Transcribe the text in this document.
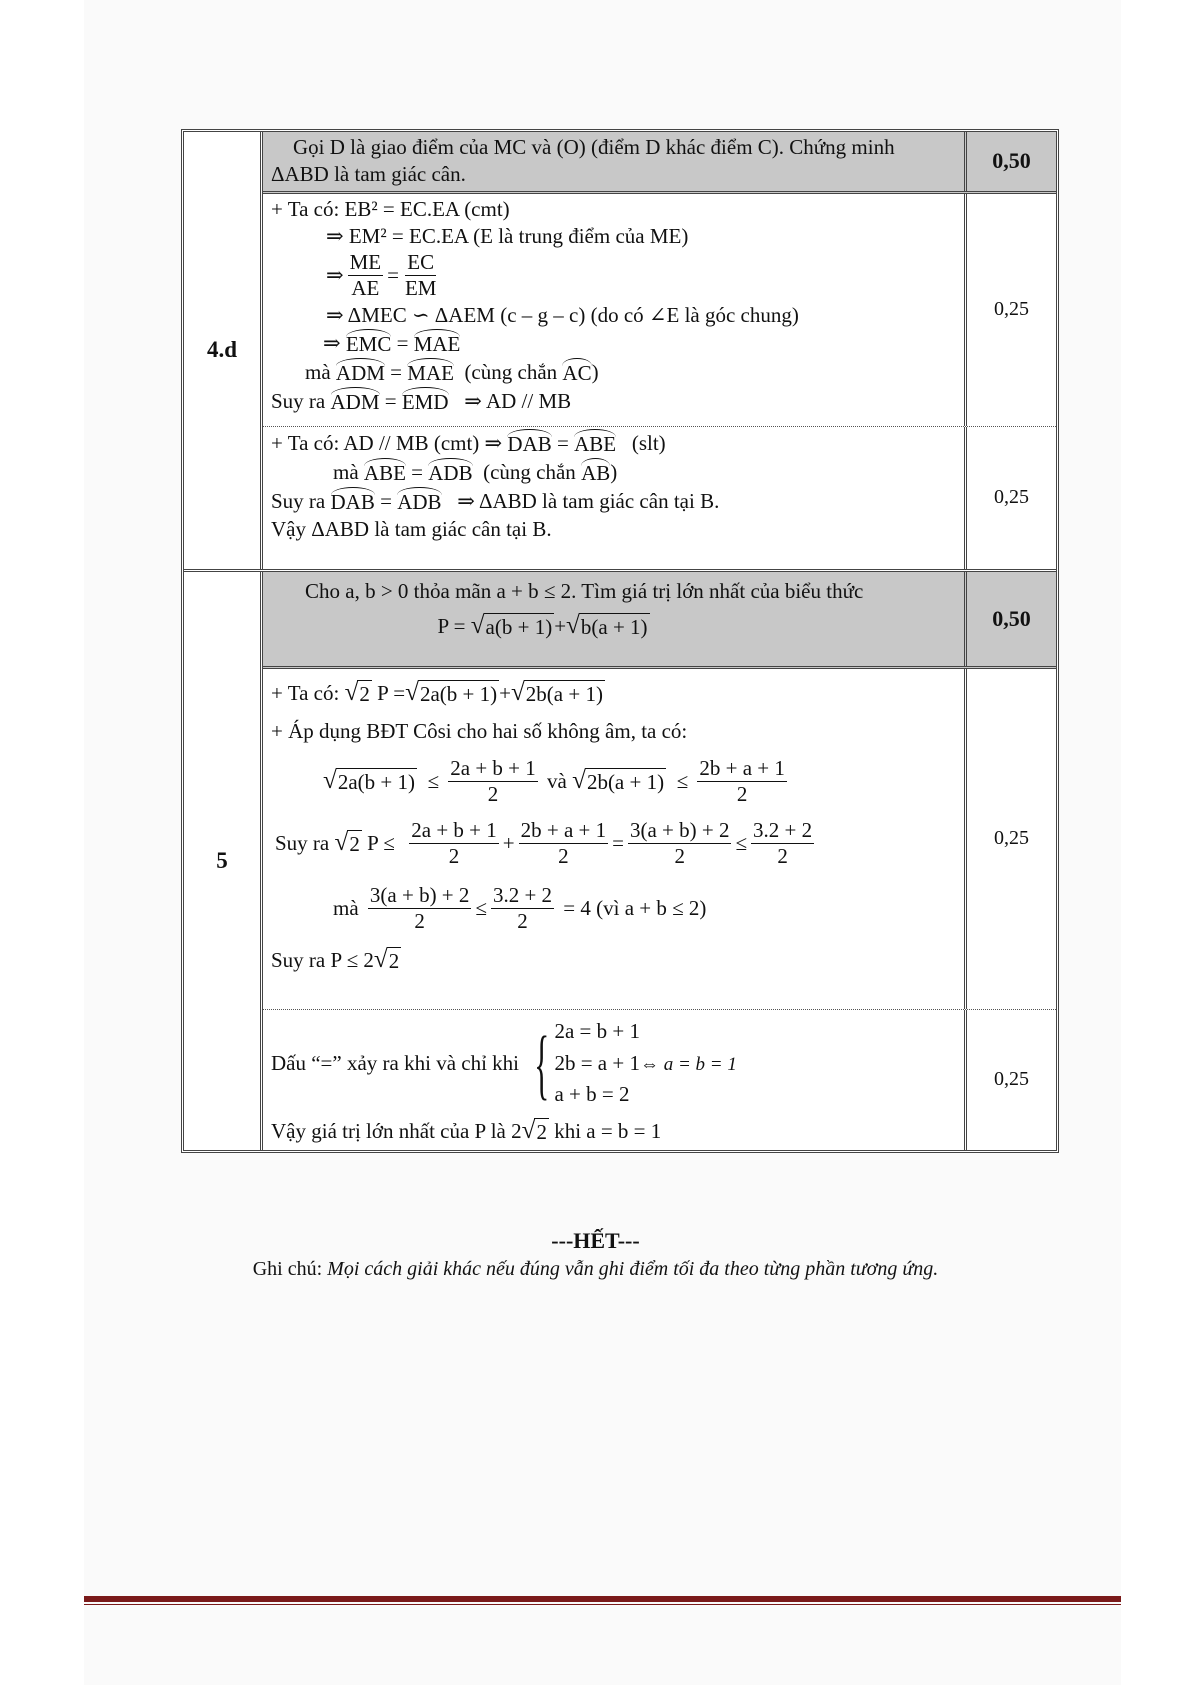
4.d
Gọi D là giao điểm của MC và (O) (điểm D khác điểm C). Chứng minh
ΔABD là tam giác cân.
0,50
+ Ta có: EB² = EC.EA (cmt)
⇒ EM² = EC.EA (E là trung điểm của ME)
⇒ $\frac{ME}{AE} = \frac{EC}{EM}$
⇒ ΔMEC ∽ ΔAEM (c – g – c) (do có ∠E là góc chung)
⇒
EMC
=
MAE
mà
ADM
=
MAE
(cùng chắn
AC )
Suy ra
ADM
=
EMD
⇒ AD // MB
0,25
+ Ta có: AD // MB (cmt) ⇒
DAB
=
ABE
(slt)
mà
ABE
=
ADB
(cùng chắn
AB )
Suy ra
DAB
=
ADB
⇒ ΔABD là tam giác cân tại B.
Vậy ΔABD là tam giác cân tại B.
0,25
5
Cho a, b > 0 thỏa mãn a + b ≤ 2. Tìm giá trị lớn nhất của biểu thức
P =
√ a(b + 1) + √ b(a + 1)	0,50
+ Ta có:
√ 2
P = √ 2a(b + 1) + √ 2b(a + 1)
+ Áp dụng BĐT Côsi cho hai số không âm, ta có:
√ 2a(b + 1)
≤
$\frac{2a + b + 1}{2}$
và
√ 2b(a + 1)
≤
$\frac{2b + a + 1}{2}$
Suy ra
√ 2
P ≤
$\frac{2a + b + 1}{2} + \frac{2b + a + 1}{2} = \frac{3(a + b) + 2}{2} \le \frac{3.2 + 2}{2}$
mà
$\frac{3(a + b) + 2}{2} \le \frac{3.2 + 2}{2}$
= 4 (vì a + b ≤ 2)
Suy ra P ≤ 2 √ 2
0,25
Dấu “=” xảy ra khi và chỉ khi { 2a = b + 1
2b = a + 1⇔ a = b = 1
a + b = 2
Vậy giá trị lớn nhất của P là 2 √ 2
khi a = b = 1
0,25
---HẾT---
Ghi chú: Mọi cách giải khác nếu đúng vẫn ghi điểm tối đa theo từng phần tương ứng.
